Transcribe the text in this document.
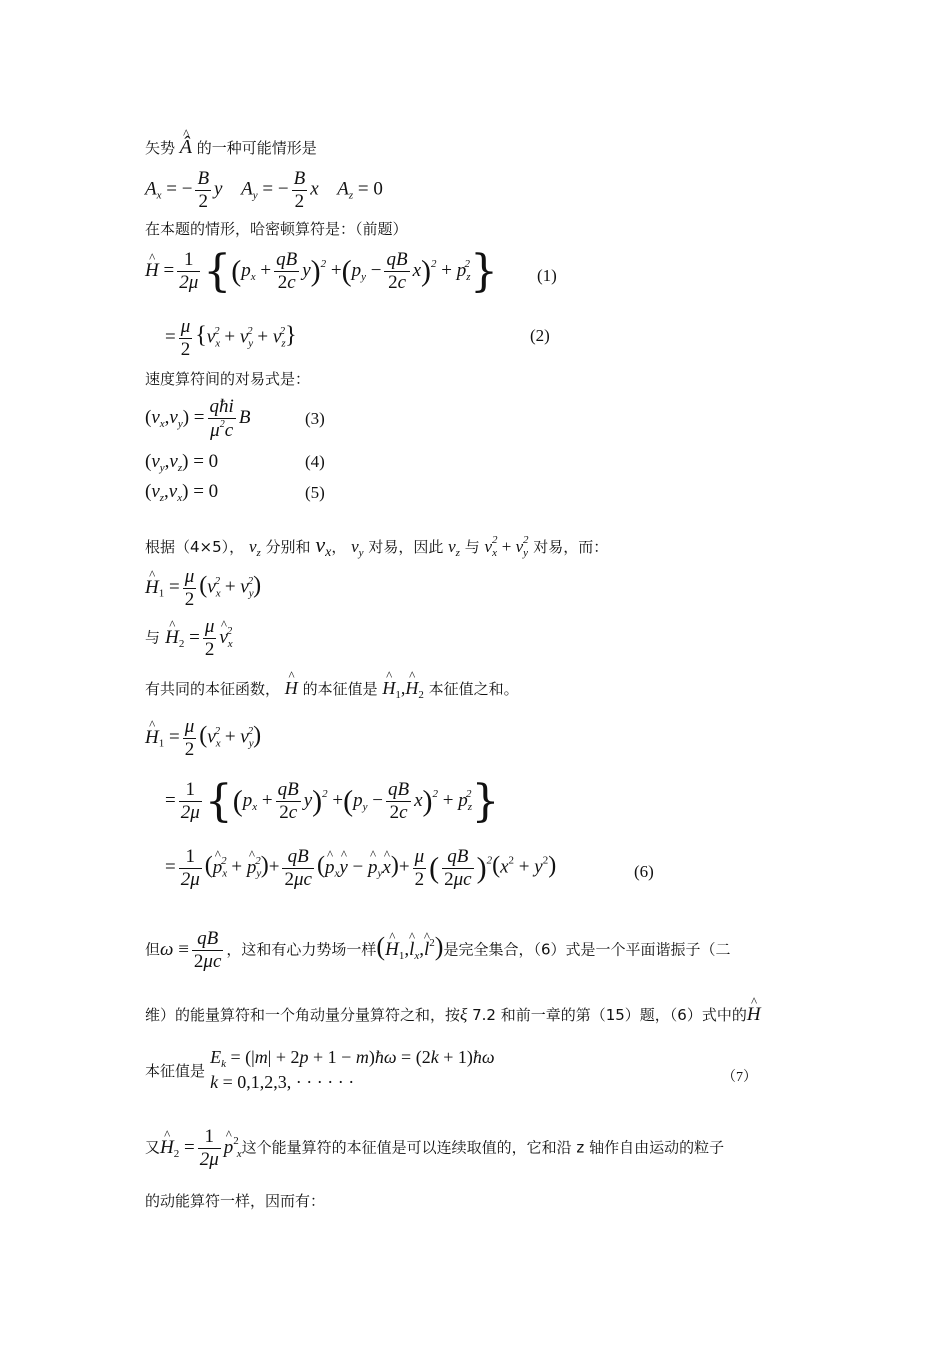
矢势 ^ Â 的一种可能情形是
$A_x$ = − $\frac{B}{2}$ y    $A_y$ = − $\frac{B}{2}$ x    $A_z = 0$
在本题的情形，哈密顿算符是：（前题）
^ $H = \frac{1}{2\mu} \{(p_x + \frac{qB}{2c} y)^2 +(p_y - \frac{qB}{2c} x)^2 + p_z^2\}$ (1)
= $\frac{\mu}{2} \{v_x^2 + v_y^2 + v_z^2\}$	(2)
速度算符间的对易式是：
$(v_x,v_y) = \frac{\text{qħi}}{\mu^2c}$ B	(3)
$(v_y,v_z) = 0$	(4)
$(v_z,v_x) = 0$	(5)
根据（4×5）， $v_z$ 分别和 $v_x$， $v_y$ 对易，因此 $v_z$ 与 $v_x^2 + v_y^2$ 对易，而：
^ $H_1 = \frac{\mu}{2} (v_x^2 + v_y^2)$
与 ^ $H_2 = \frac{\mu}{2}$ ^ $v_x^2$
有共同的本征函数， ^ H 的本征值是 ^ $H_1,\^{}$ $H_2$ 本征值之和。
^ $H_1 = \frac{\mu}{2} (v_x^2 + v_y^2)$
= $\frac{1}{2\mu} \{(p_x + \frac{qB}{2c} y)^2 +(p_y - \frac{qB}{2c} x)^2 + p_z^2\}$
= $\frac{1}{2\mu}$ (^ $p_x^2$ + ^ $p_y^2)+ \frac{qB}{2\mu c}$ (^ $p_x\^{}$ y − ^ $p_y\^{}$ $x)+ \frac{\mu}{2}$ ( $\frac{qB}{2\mu c} )^2(x^2 + y^2)$	(6)
但$\omega \equiv \frac{qB}{2\mu c}$ ，这和有心力势场一样(^ $H_1,\^{}$ $l_x,\^{}$ $l^2$)是完全集合，（6）式是一个平面谐振子（二
维）的能量算符和一个角动量分量算符之和，按ξ 7.2 和前一章的第（15）题，（6）式中的^ H
本征值是 $E_k = (|m| + 2p + 1$ − m)ħω = (2k + 1)ħω
k = 0,1,2,3, · · · · · ·	（7）
又^ $H_2 = \frac{1}{2\mu}$ ^ $p^2_x$这个能量算符的本征值是可以连续取值的，它和沿 z 轴作自由运动的粒子
的动能算符一样，因而有：
